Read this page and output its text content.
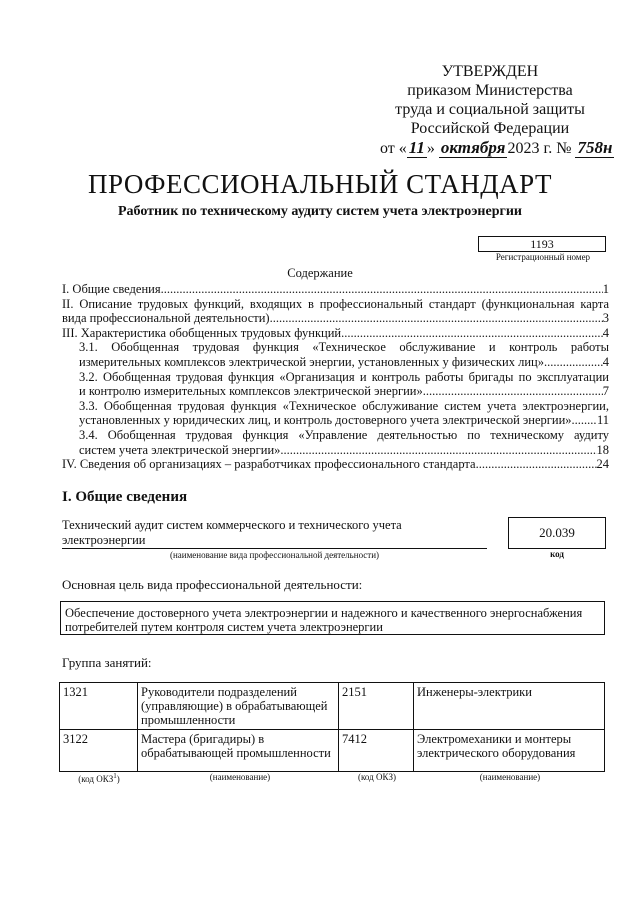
УТВЕРЖДЕН
приказом Министерства
труда и социальной защиты
Российской Федерации
от « 11 » октября 2023 г. № 758н
ПРОФЕССИОНАЛЬНЫЙ СТАНДАРТ
Работник по техническому аудиту систем учета электроэнергии
1193
Регистрационный номер
Содержание
I. Общие сведения .....	1
II. Описание трудовых функций, входящих в профессиональный стандарт (функциональная карта
вида профессиональной деятельности) .....	3
III. Характеристика обобщенных трудовых функций .....	4
3.1. Обобщенная трудовая функция «Техническое обслуживание и контроль работы
измерительных комплексов электрической энергии, установленных у физических лиц» .....	4
3.2. Обобщенная трудовая функция «Организация и контроль работы бригады по эксплуатации
и контролю измерительных комплексов электрической энергии» .....	7
3.3. Обобщенная трудовая функция «Техническое обслуживание систем учета электроэнергии,
установленных у юридических лиц, и контроль достоверного учета электрической энергии» ..... 11
3.4. Обобщенная трудовая функция «Управление деятельностью по техническому аудиту
систем учета электрической энергии» .....	18
IV. Сведения об организациях – разработчиках профессионального стандарта .....	24
I. Общие сведения
Технический аудит систем коммерческого и технического учета электроэнергии
(наименование вида профессиональной деятельности)
20.039
код
Основная цель вида профессиональной деятельности:
Обеспечение достоверного учета электроэнергии и надежного и качественного энергоснабжения потребителей путем контроля систем учета электроэнергии
Группа занятий:
1321	Руководители подразделений (управляющие) в обрабатывающей промышленности	2151	Инженеры-электрики
3122	Мастера (бригадиры) в обрабатывающей промышленности	7412	Электромеханики и монтеры электрического оборудования
(код ОКЗ$^1$)	(наименование)	(код ОКЗ)	(наименование)
